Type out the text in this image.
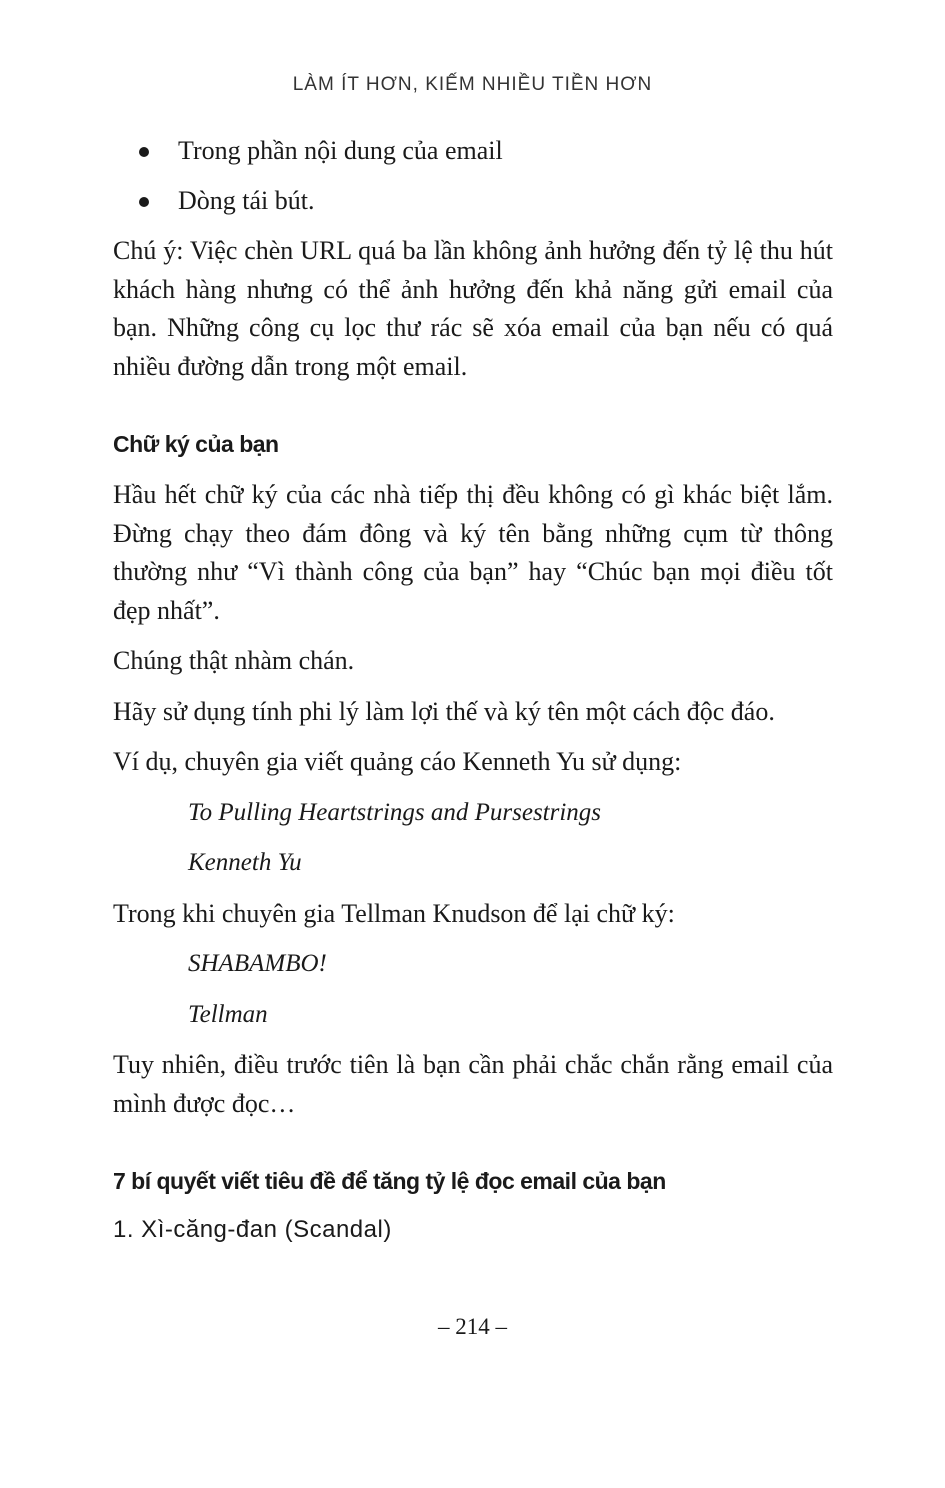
LÀM ÍT HƠN, KIẾM NHIỀU TIỀN HƠN
Trong phần nội dung của email
Dòng tái bút.

Chú ý: Việc chèn URL quá ba lần không ảnh hưởng đến tỷ lệ thu hút khách hàng nhưng có thể ảnh hưởng đến khả năng gửi email của bạn. Những công cụ lọc thư rác sẽ xóa email của bạn nếu có quá nhiều đường dẫn trong một email.

Chữ ký của bạn

Hầu hết chữ ký của các nhà tiếp thị đều không có gì khác biệt lắm. Đừng chạy theo đám đông và ký tên bằng những cụm từ thông thường như “Vì thành công của bạn” hay “Chúc bạn mọi điều tốt đẹp nhất”.

Chúng thật nhàm chán.

Hãy sử dụng tính phi lý làm lợi thế và ký tên một cách độc đáo.

Ví dụ, chuyên gia viết quảng cáo Kenneth Yu sử dụng:

To Pulling Heartstrings and Pursestrings
Kenneth Yu

Trong khi chuyên gia Tellman Knudson để lại chữ ký:

SHABAMBO!
Tellman

Tuy nhiên, điều trước tiên là bạn cần phải chắc chắn rằng email của mình được đọc…

7 bí quyết viết tiêu đề để tăng tỷ lệ đọc email của bạn
1. Xì-căng-đan (Scandal)
– 214 –
